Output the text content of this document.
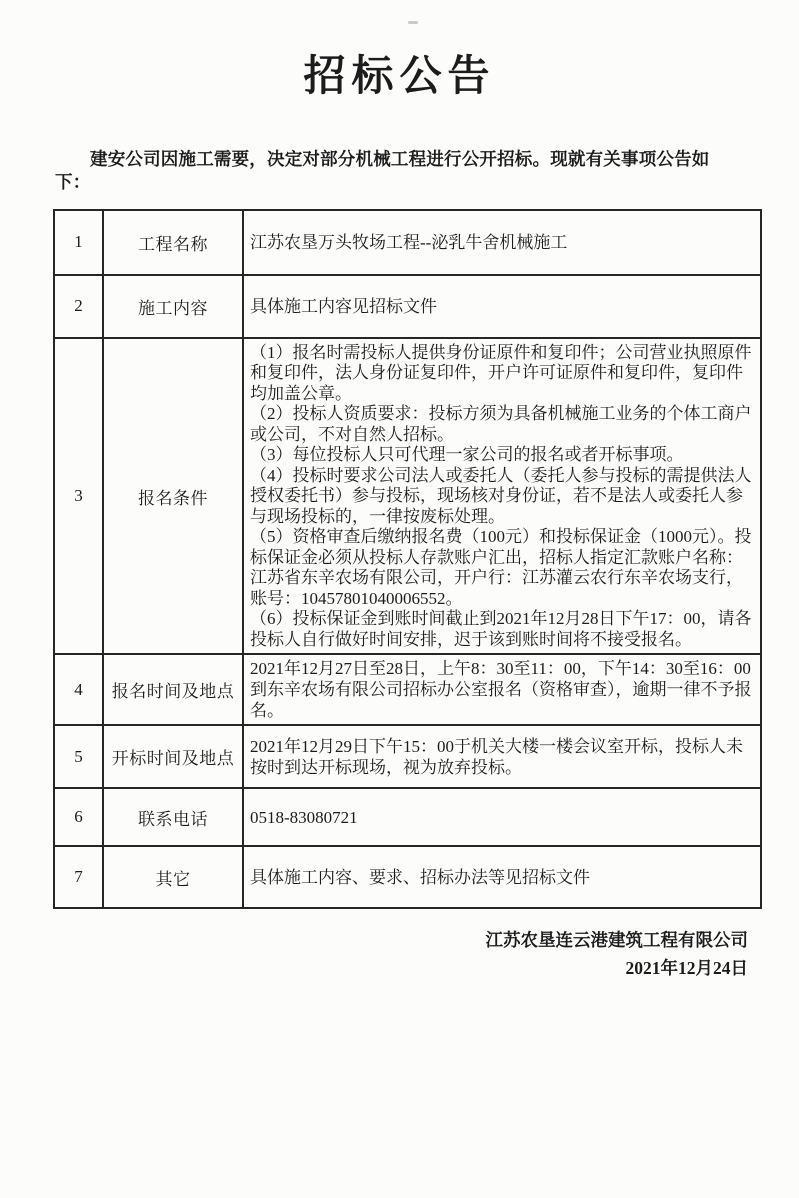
招标公告

建安公司因施工需要，决定对部分机械工程进行公开招标。现就有关事项公告如下：

1	工程名称	江苏农垦万头牧场工程--泌乳牛舍机械施工
2	施工内容	具体施工内容见招标文件
3	报名条件	

（1）报名时需投标人提供身份证原件和复印件；公司营业执照原件和复印件，法人身份证复印件，开户许可证原件和复印件，复印件均加盖公章。

（2）投标人资质要求：投标方须为具备机械施工业务的个体工商户或公司，不对自然人招标。

（3）每位投标人只可代理一家公司的报名或者开标事项。

（4）投标时要求公司法人或委托人（委托人参与投标的需提供法人授权委托书）参与投标，现场核对身份证，若不是法人或委托人参与现场投标的，一律按废标处理。

（5）资格审查后缴纳报名费（100元）和投标保证金（1000元）。投标保证金必须从投标人存款账户汇出，招标人指定汇款账户名称：江苏省东辛农场有限公司，开户行：江苏灌云农行东辛农场支行，账号：10457801040006552。

（6）投标保证金到账时间截止到2021年12月28日下午17：00，请各投标人自行做好时间安排，迟于该到账时间将不接受报名。

4	报名时间及地点	2021年12月27日至28日，上午8：30至11：00，下午14：30至16：00到东辛农场有限公司招标办公室报名（资格审查），逾期一律不予报名。
5	开标时间及地点	2021年12月29日下午15：00于机关大楼一楼会议室开标，投标人未按时到达开标现场，视为放弃投标。
6	联系电话	0518-83080721
7	其它	具体施工内容、要求、招标办法等见招标文件
江苏农垦连云港建筑工程有限公司
2021年12月24日
